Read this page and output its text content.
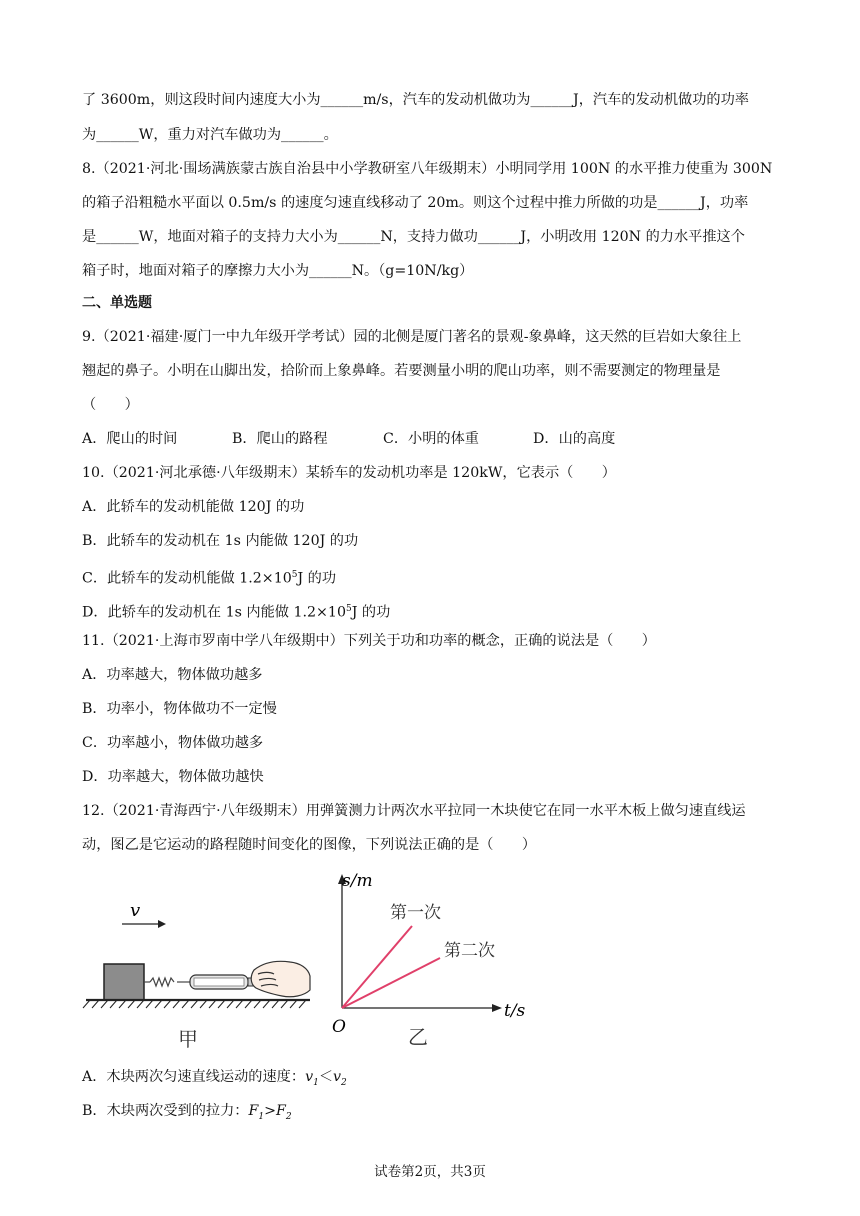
了 3600m，则这段时间内速度大小为______m/s，汽车的发动机做功为______J，汽车的发动机做功的功率
为______W，重力对汽车做功为______。
8.（2021·河北·围场满族蒙古族自治县中小学教研室八年级期末）小明同学用 100N 的水平推力使重为 300N
的箱子沿粗糙水平面以 0.5m/s 的速度匀速直线移动了 20m。则这个过程中推力所做的功是______J，功率
是______W，地面对箱子的支持力大小为______N，支持力做功______J，小明改用 120N 的力水平推这个
箱子时，地面对箱子的摩擦力大小为______N。（g=10N/kg）
二、单选题
9.（2021·福建·厦门一中九年级开学考试）园的北侧是厦门著名的景观-象鼻峰，这天然的巨岩如大象往上
翘起的鼻子。小明在山脚出发，拾阶而上象鼻峰。若要测量小明的爬山功率，则不需要测定的物理量是
（　　）
A．爬山的时间	B．爬山的路程	C．小明的体重	D．山的高度
10.（2021·河北承德·八年级期末）某轿车的发动机功率是 120kW，它表示（　　）
A．此轿车的发动机能做 120J 的功
B．此轿车的发动机在 1s 内能做 120J 的功
C．此轿车的发动机能做 $1.2\times 10^5J$ 的功
D．此轿车的发动机在 1s 内能做 $1.2\times 10^5J$ 的功
11.（2021·上海市罗南中学八年级期中）下列关于功和功率的概念，正确的说法是（　　）
A．功率越大，物体做功越多
B．功率小，物体做功不一定慢
C．功率越小，物体做功越多
D．功率越大，物体做功越快
12.（2021·青海西宁·八年级期末）用弹簧测力计两次水平拉同一木块使它在同一水平木板上做匀速直线运
动，图乙是它运动的路程随时间变化的图像，下列说法正确的是（　　）
v
甲
s/m
t/s
O
第一次
第二次
乙
A．木块两次匀速直线运动的速度：$v_1<v_2$
B．木块两次受到的拉力：$F_1>F_2$
试卷第2页，共3页
